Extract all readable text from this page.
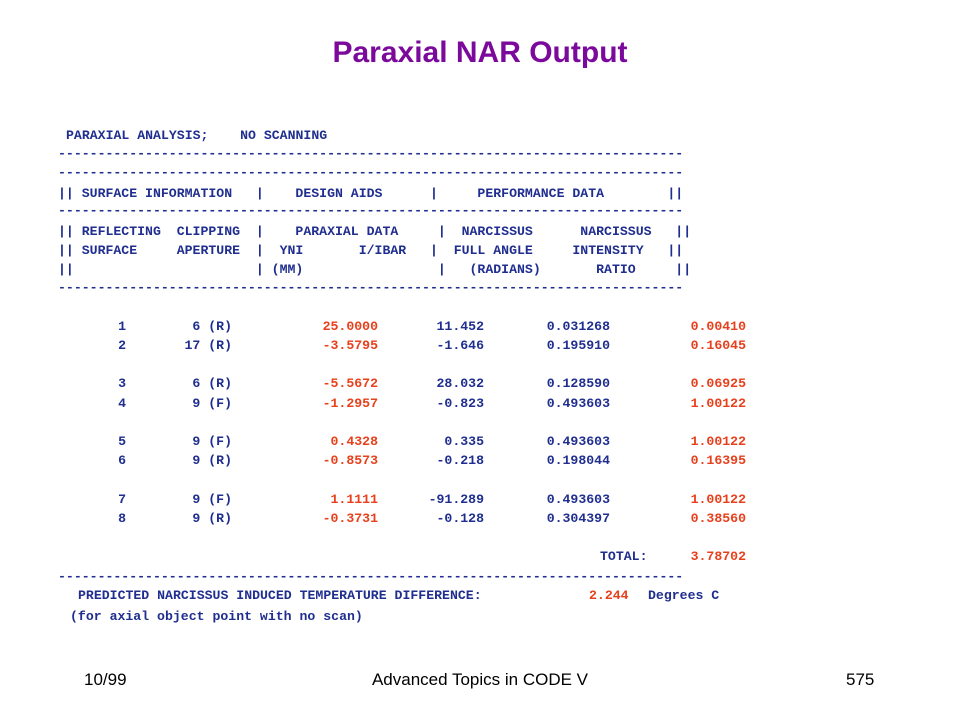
Paraxial NAR Output
PARAXIAL ANALYSIS;    NO SCANNING
-------------------------------------------------------------------------------
-------------------------------------------------------------------------------
|| SURFACE INFORMATION   |    DESIGN AIDS      |     PERFORMANCE DATA        ||
-------------------------------------------------------------------------------
|| REFLECTING  CLIPPING  |    PARAXIAL DATA     |  NARCISSUS      NARCISSUS   ||
|| SURFACE     APERTURE  |  YNI       I/IBAR   |  FULL ANGLE     INTENSITY   ||
||                       | (MM)                 |   (RADIANS)       RATIO     ||
-------------------------------------------------------------------------------
1	6 (R)	25.0000	11.452	0.031268	0.00410
2	17 (R)	-3.5795	-1.646	0.195910	0.16045
3	6 (R)	-5.5672	28.032	0.128590	0.06925
4	9 (F)	-1.2957	-0.823	0.493603	1.00122
5	9 (F)	0.4328	0.335	0.493603	1.00122
6	9 (R)	-0.8573	-0.218	0.198044	0.16395
7	9 (F)	1.1111	-91.289	0.493603	1.00122
8	9 (R)	-0.3731	-0.128	0.304397	0.38560
TOTAL:	3.78702
-------------------------------------------------------------------------------
PREDICTED NARCISSUS INDUCED TEMPERATURE DIFFERENCE:	2.244 Degrees C
(for axial object point with no scan)
10/99	Advanced Topics in CODE V	575
